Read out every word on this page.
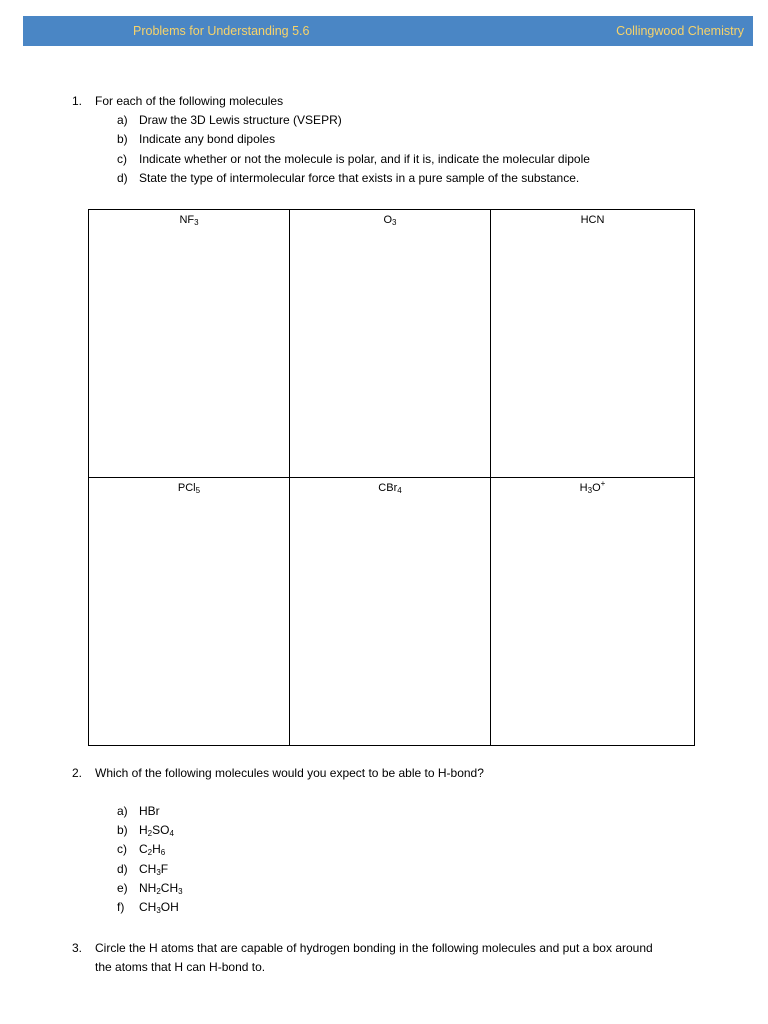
Problems for Understanding 5.6	Collingwood Chemistry
1. For each of the following molecules
a) Draw the 3D Lewis structure (VSEPR)
b) Indicate any bond dipoles
c) Indicate whether or not the molecule is polar, and if it is, indicate the molecular dipole
d) State the type of intermolecular force that exists in a pure sample of the substance.
$NF_3$	$O_3$	HCN
PCl$_5$	CBr$_4$	$H_3O^+$
2. Which of the following molecules would you expect to be able to H-bond?
a) HBr
b) $H_2SO_4$
c) $C_2H_6$
d) $CH_3F$
e) $NH_2CH_3$
f) $CH_3OH$
3. Circle the H atoms that are capable of hydrogen bonding in the following molecules and put a box around
the atoms that H can H-bond to.
